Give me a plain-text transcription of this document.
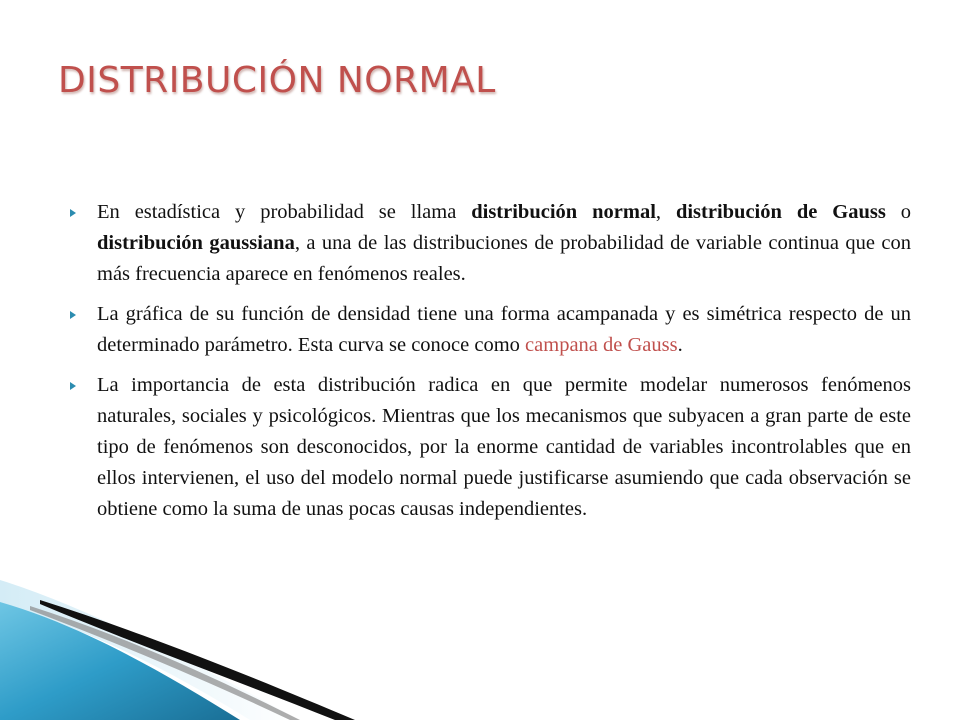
DISTRIBUCIÓN NORMAL

En estadística y probabilidad se llama distribución normal, distribución de Gauss o distribución gaussiana, a una de las distribuciones de probabilidad de variable continua que con más frecuencia aparece en fenómenos reales.

La gráfica de su función de densidad tiene una forma acampanada y es simétrica respecto de un determinado parámetro. Esta curva se conoce como campana de Gauss.

La importancia de esta distribución radica en que permite modelar numerosos fenómenos naturales, sociales y psicológicos. Mientras que los mecanismos que subyacen a gran parte de este tipo de fenómenos son desconocidos, por la enorme cantidad de variables incontrolables que en ellos intervienen, el uso del modelo normal puede justificarse asumiendo que cada observación se obtiene como la suma de unas pocas causas independientes.
